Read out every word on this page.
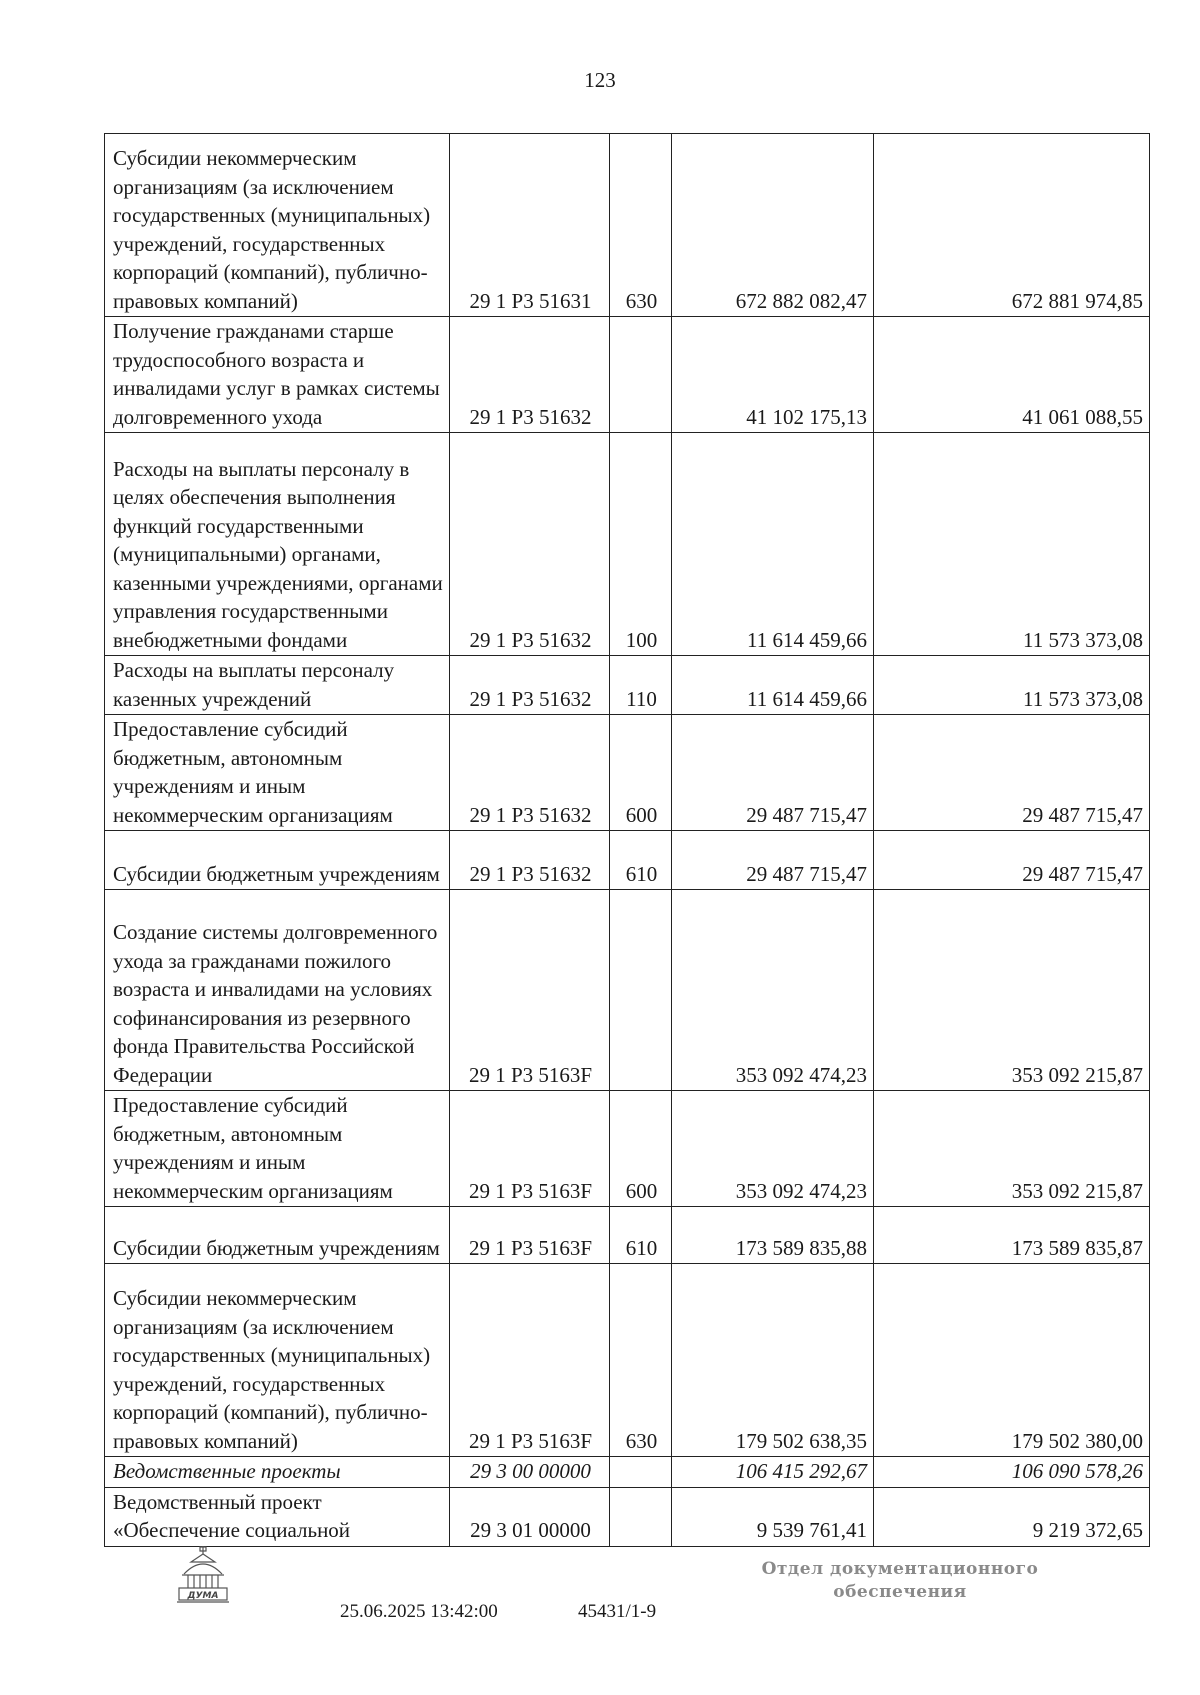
123
Субсидии некоммерческим организациям (за исключением государственных (муниципальных) учреждений, государственных корпораций (компаний), публично-правовых компаний)	29 1 Р3 51631	630	672 882 082,47	672 881 974,85
Получение гражданами старше трудоспособного возраста и инвалидами услуг в рамках системы долговременного ухода	29 1 Р3 51632		41 102 175,13	41 061 088,55
Расходы на выплаты персоналу в целях обеспечения выполнения функций государственными (муниципальными) органами, казенными учреждениями, органами управления государственными внебюджетными фондами	29 1 Р3 51632	100	11 614 459,66	11 573 373,08
Расходы на выплаты персоналу казенных учреждений	29 1 Р3 51632	110	11 614 459,66	11 573 373,08
Предоставление субсидий бюджетным, автономным учреждениям и иным некоммерческим организациям	29 1 Р3 51632	600	29 487 715,47	29 487 715,47
Субсидии бюджетным учреждениям	29 1 Р3 51632	610	29 487 715,47	29 487 715,47
Создание системы долговременного ухода за гражданами пожилого возраста и инвалидами на условиях софинансирования из резервного фонда Правительства Российской Федерации	29 1 Р3 5163F		353 092 474,23	353 092 215,87
Предоставление субсидий бюджетным, автономным учреждениям и иным некоммерческим организациям	29 1 Р3 5163F	600	353 092 474,23	353 092 215,87
Субсидии бюджетным учреждениям	29 1 Р3 5163F	610	173 589 835,88	173 589 835,87
Субсидии некоммерческим организациям (за исключением государственных (муниципальных) учреждений, государственных корпораций (компаний), публично-правовых компаний)	29 1 Р3 5163F	630	179 502 638,35	179 502 380,00
Ведомственные проекты	29 3 00 00000		106 415 292,67	106 090 578,26
Ведомственный проект «Обеспечение социальной	29 3 01 00000		9 539 761,41	9 219 372,65
ДУМА
25.06.2025 13:42:00	45431/1-9
Отдел документационного
обеспечения
